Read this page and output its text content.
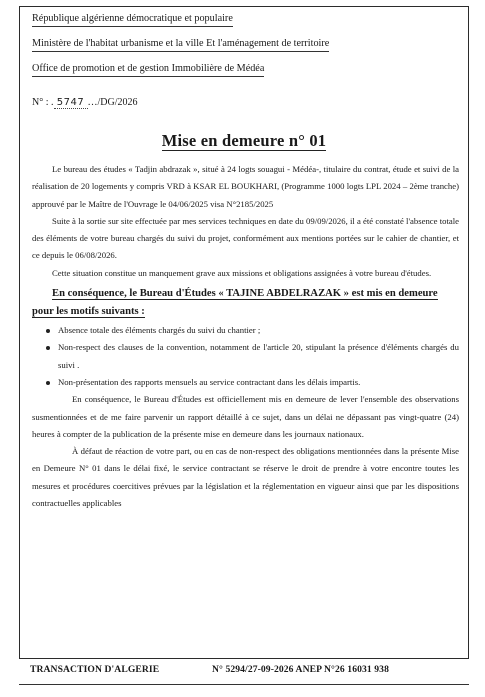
République algérienne démocratique et populaire
Ministère de l'habitat urbanisme et la ville Et l'aménagement de territoire
Office de promotion et de gestion Immobilière de Médéa
N° : . 5747 …/DG/2026
Mise en demeure n° 01

Le bureau des études « Tadjin abdrazak », situé à 24 logts souagui - Médéa-, titulaire du contrat, étude et suivi de la réalisation de 20 logements y compris VRD à KSAR EL BOUKHARI, (Programme 1000 logts LPL 2024 – 2ème tranche) approuvé par le Maître de l'Ouvrage le 04/06/2025 visa N°2185/2025

Suite à la sortie sur site effectuée par mes services techniques en date du 09/09/2026, il a été constaté l'absence totale des éléments de votre bureau chargés du suivi du projet, conformément aux mentions portées sur le cahier de chantier, et ce depuis le 06/08/2026.

Cette situation constitue un manquement grave aux missions et obligations assignées à votre bureau d'études.

En conséquence, le Bureau d'Études « TAJINE ABDELRAZAK » est mis en demeure

pour les motifs suivants :

Absence totale des éléments chargés du suivi du chantier ;
Non-respect des clauses de la convention, notamment de l'article 20, stipulant la présence d'éléments chargés du suivi .
Non-présentation des rapports mensuels au service contractant dans les délais impartis.

En conséquence, le Bureau d'Études est officiellement mis en demeure de lever l'ensemble des observations susmentionnées et de me faire parvenir un rapport détaillé à ce sujet, dans un délai ne dépassant pas vingt-quatre (24) heures à compter de la publication de la présente mise en demeure dans les journaux nationaux.

À défaut de réaction de votre part, ou en cas de non-respect des obligations mentionnées dans la présente Mise en Demeure N° 01 dans le délai fixé, le service contractant se réserve le droit de prendre à votre encontre toutes les mesures et procédures coercitives prévues par la législation et la réglementation en vigueur ainsi que par les dispositions contractuelles applicables

TRANSACTION D'ALGERIE	N° 5294/27-09-2026 ANEP N°26 16031 938
